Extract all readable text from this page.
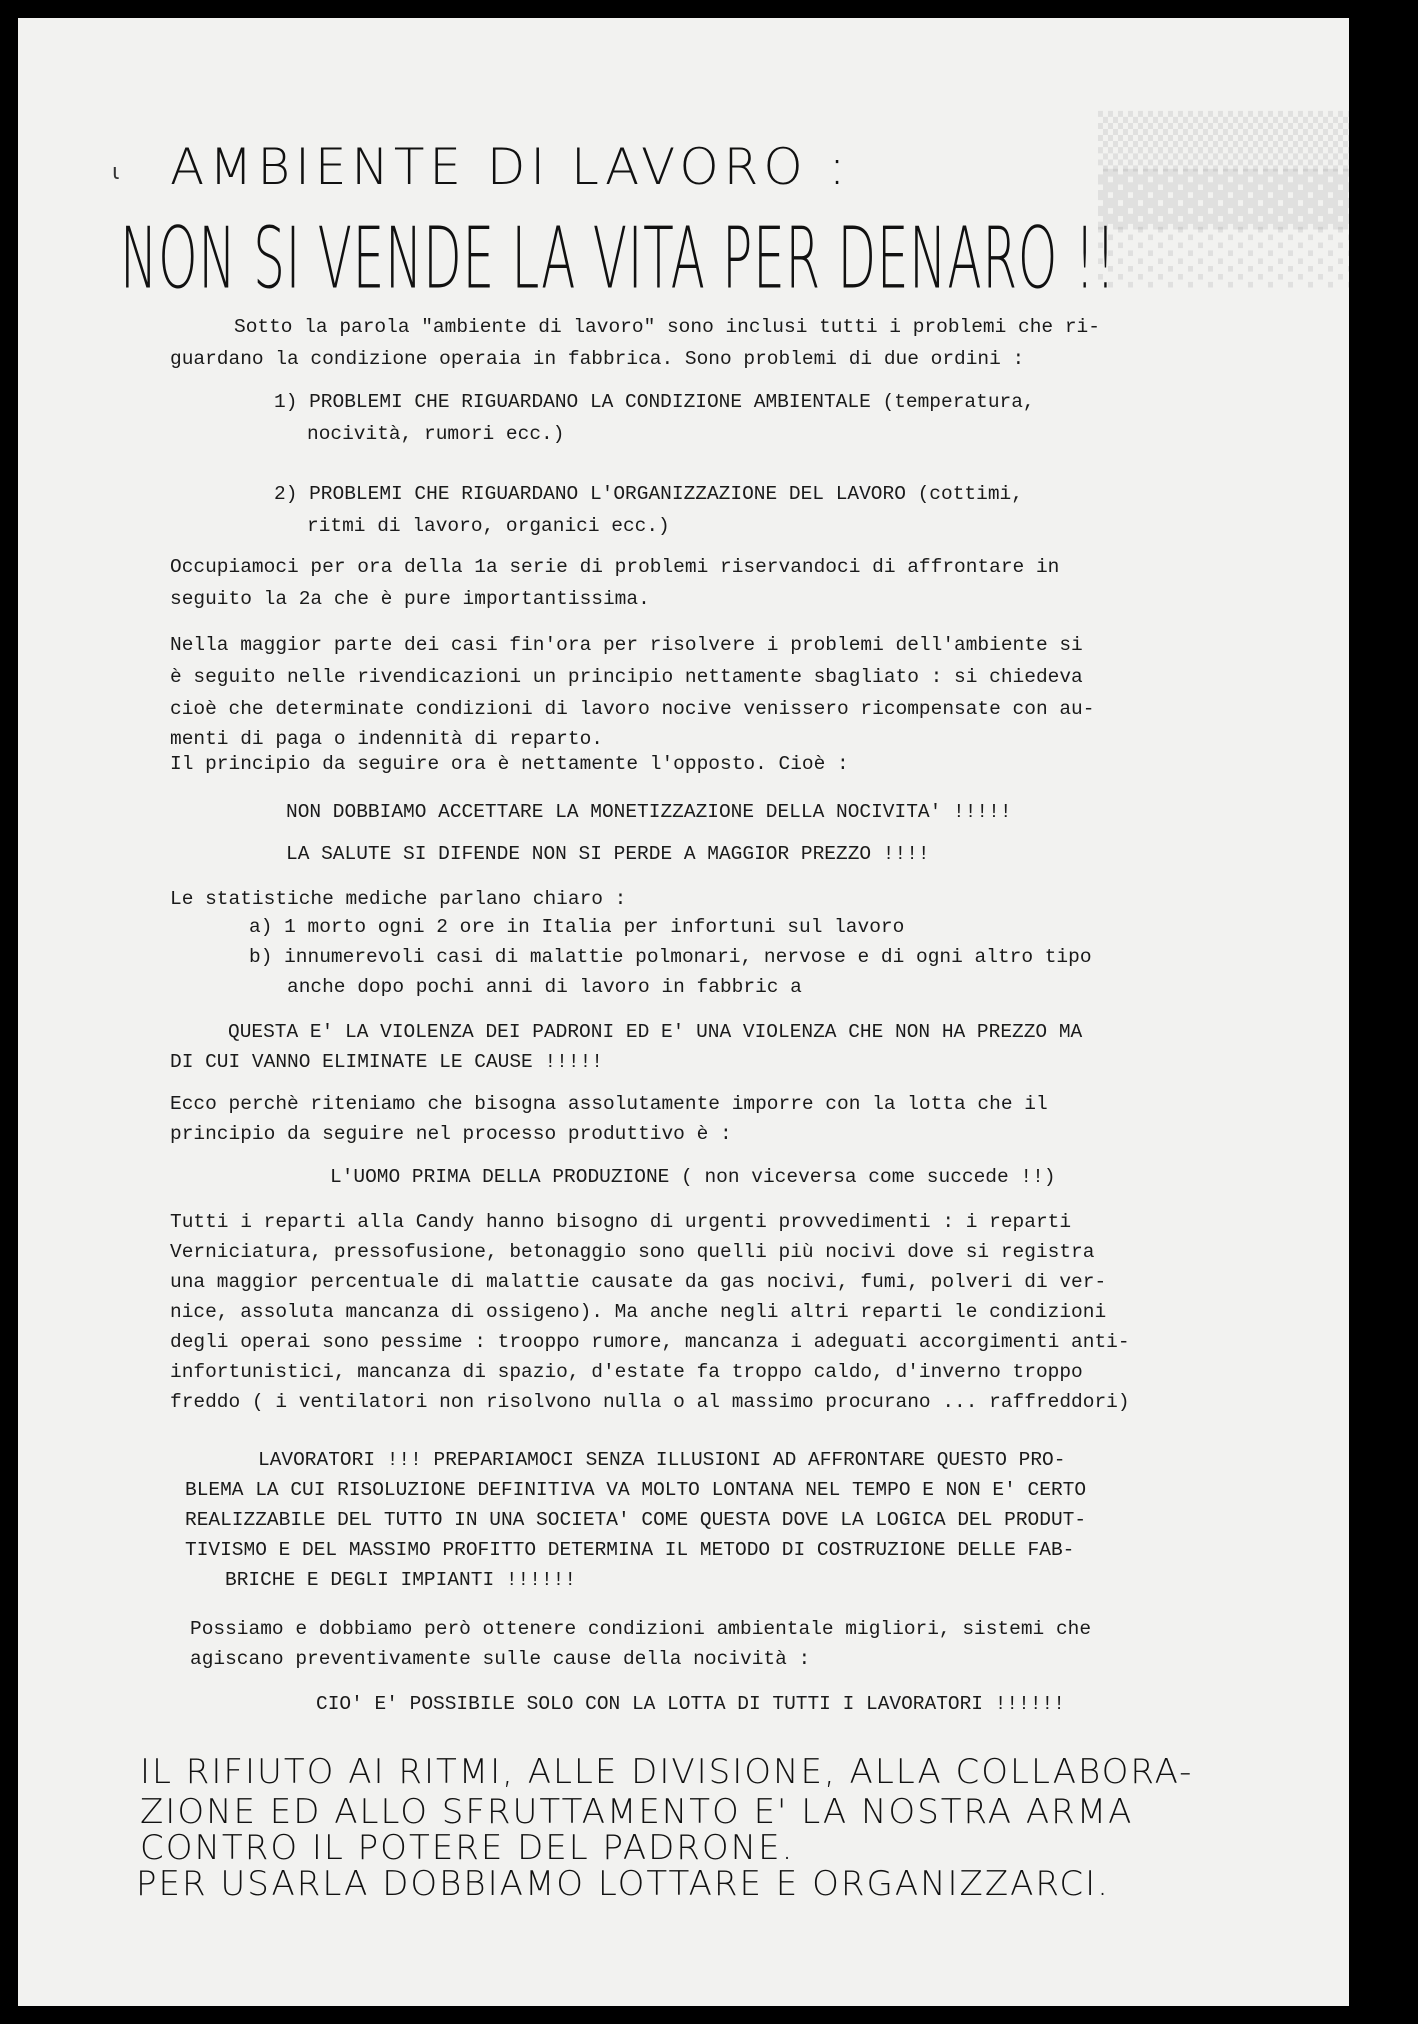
▒▒▒▒▒▒▒▒
▓▓▓▓▓▓▓▓
░░░░░░░░
ɩ AMBIENTE DI LAVORO :
NON SI VENDE LA VITA PER DENARO !!
Sotto la parola "ambiente di lavoro" sono inclusi tutti i problemi che ri-
guardano la condizione operaia in fabbrica. Sono problemi di due ordini :
1) PROBLEMI CHE RIGUARDANO LA CONDIZIONE AMBIENTALE (temperatura,
nocività, rumori ecc.)
2) PROBLEMI CHE RIGUARDANO L'ORGANIZZAZIONE DEL LAVORO (cottimi,
ritmi di lavoro, organici ecc.)
Occupiamoci per ora della 1a serie di problemi riservandoci di affrontare in
seguito la 2a che è pure importantissima.
Nella maggior parte dei casi fin'ora per risolvere i problemi dell'ambiente si
è seguito nelle rivendicazioni un principio nettamente sbagliato : si chiedeva
cioè che determinate condizioni di lavoro nocive venissero ricompensate con au-
menti di paga o indennità di reparto.
Il principio da seguire ora è nettamente l'opposto. Cioè :
NON DOBBIAMO ACCETTARE LA MONETIZZAZIONE DELLA NOCIVITA' !!!!!
LA SALUTE SI DIFENDE NON SI PERDE A MAGGIOR PREZZO !!!!
Le statistiche mediche parlano chiaro :
a) 1 morto ogni 2 ore in Italia per infortuni sul lavoro
b) innumerevoli casi di malattie polmonari, nervose e di ogni altro tipo
anche dopo pochi anni di lavoro in fabbric a
QUESTA E' LA VIOLENZA DEI PADRONI ED E' UNA VIOLENZA CHE NON HA PREZZO MA
DI CUI VANNO ELIMINATE LE CAUSE !!!!!
Ecco perchè riteniamo che bisogna assolutamente imporre con la lotta che il
principio da seguire nel processo produttivo è :
L'UOMO PRIMA DELLA PRODUZIONE ( non viceversa come succede !!)
Tutti i reparti alla Candy hanno bisogno di urgenti provvedimenti : i reparti
Verniciatura, pressofusione, betonaggio sono quelli più nocivi dove si registra
una maggior percentuale di malattie causate da gas nocivi, fumi, polveri di ver-
nice, assoluta mancanza di ossigeno). Ma anche negli altri reparti le condizioni
degli operai sono pessime : trooppo rumore, mancanza i adeguati accorgimenti anti-
infortunistici, mancanza di spazio, d'estate fa troppo caldo, d'inverno troppo
freddo ( i ventilatori non risolvono nulla o al massimo procurano ... raffreddori)
LAVORATORI !!! PREPARIAMOCI SENZA ILLUSIONI AD AFFRONTARE QUESTO PRO-
BLEMA LA CUI RISOLUZIONE DEFINITIVA VA MOLTO LONTANA NEL TEMPO E NON E' CERTO
REALIZZABILE DEL TUTTO IN UNA SOCIETA' COME QUESTA DOVE LA LOGICA DEL PRODUT-
TIVISMO E DEL MASSIMO PROFITTO DETERMINA IL METODO DI COSTRUZIONE DELLE FAB-
BRICHE E DEGLI IMPIANTI !!!!!!
Possiamo e dobbiamo però ottenere condizioni ambientale migliori, sistemi che
agiscano preventivamente sulle cause della nocività :
CIO' E' POSSIBILE SOLO CON LA LOTTA DI TUTTI I LAVORATORI !!!!!!
IL RIFIUTO AI RITMI, ALLE DIVISIONE, ALLA COLLABORA-
ZIONE ED ALLO SFRUTTAMENTO E' LA NOSTRA ARMA
CONTRO IL POTERE DEL PADRONE.
PER USARLA DOBBIAMO LOTTARE E ORGANIZZARCI.
